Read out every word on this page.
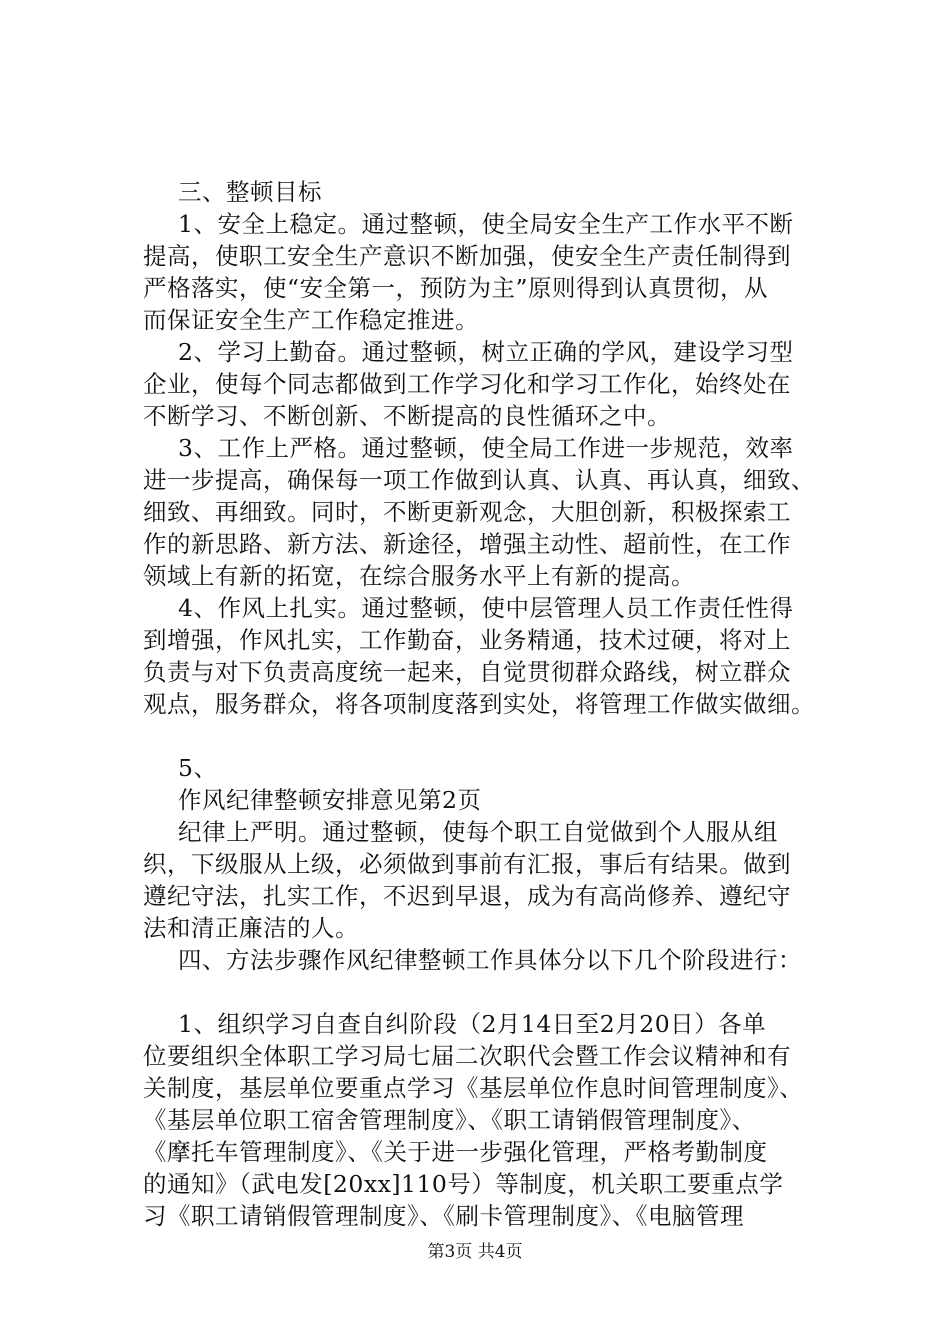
三、整顿目标
1、安全上稳定。通过整顿，使全局安全生产工作水平不断
提高，使职工安全生产意识不断加强，使安全生产责任制得到
严格落实，使“安全第一，预防为主”原则得到认真贯彻，从
而保证安全生产工作稳定推进。
2、学习上勤奋。通过整顿，树立正确的学风，建设学习型
企业，使每个同志都做到工作学习化和学习工作化，始终处在
不断学习、不断创新、不断提高的良性循环之中。
3、工作上严格。通过整顿，使全局工作进一步规范，效率
进一步提高，确保每一项工作做到认真、认真、再认真，细致、
细致、再细致。同时，不断更新观念，大胆创新，积极探索工
作的新思路、新方法、新途径，增强主动性、超前性，在工作
领域上有新的拓宽，在综合服务水平上有新的提高。
4、作风上扎实。通过整顿，使中层管理人员工作责任性得
到增强，作风扎实，工作勤奋，业务精通，技术过硬，将对上
负责与对下负责高度统一起来，自觉贯彻群众路线，树立群众
观点，服务群众，将各项制度落到实处，将管理工作做实做细。
5、
作风纪律整顿安排意见第2页
纪律上严明。通过整顿，使每个职工自觉做到个人服从组
织，下级服从上级，必须做到事前有汇报，事后有结果。做到
遵纪守法，扎实工作，不迟到早退，成为有高尚修养、遵纪守
法和清正廉洁的人。
四、方法步骤作风纪律整顿工作具体分以下几个阶段进行：
1、组织学习自查自纠阶段（2月14日至2月20日）各单
位要组织全体职工学习局七届二次职代会暨工作会议精神和有
关制度，基层单位要重点学习《基层单位作息时间管理制度》、
《基层单位职工宿舍管理制度》、《职工请销假管理制度》、
《摩托车管理制度》、《关于进一步强化管理，严格考勤制度
的通知》（武电发[20xx]110号）等制度，机关职工要重点学
习《职工请销假管理制度》、《刷卡管理制度》、《电脑管理
第3页 共4页
